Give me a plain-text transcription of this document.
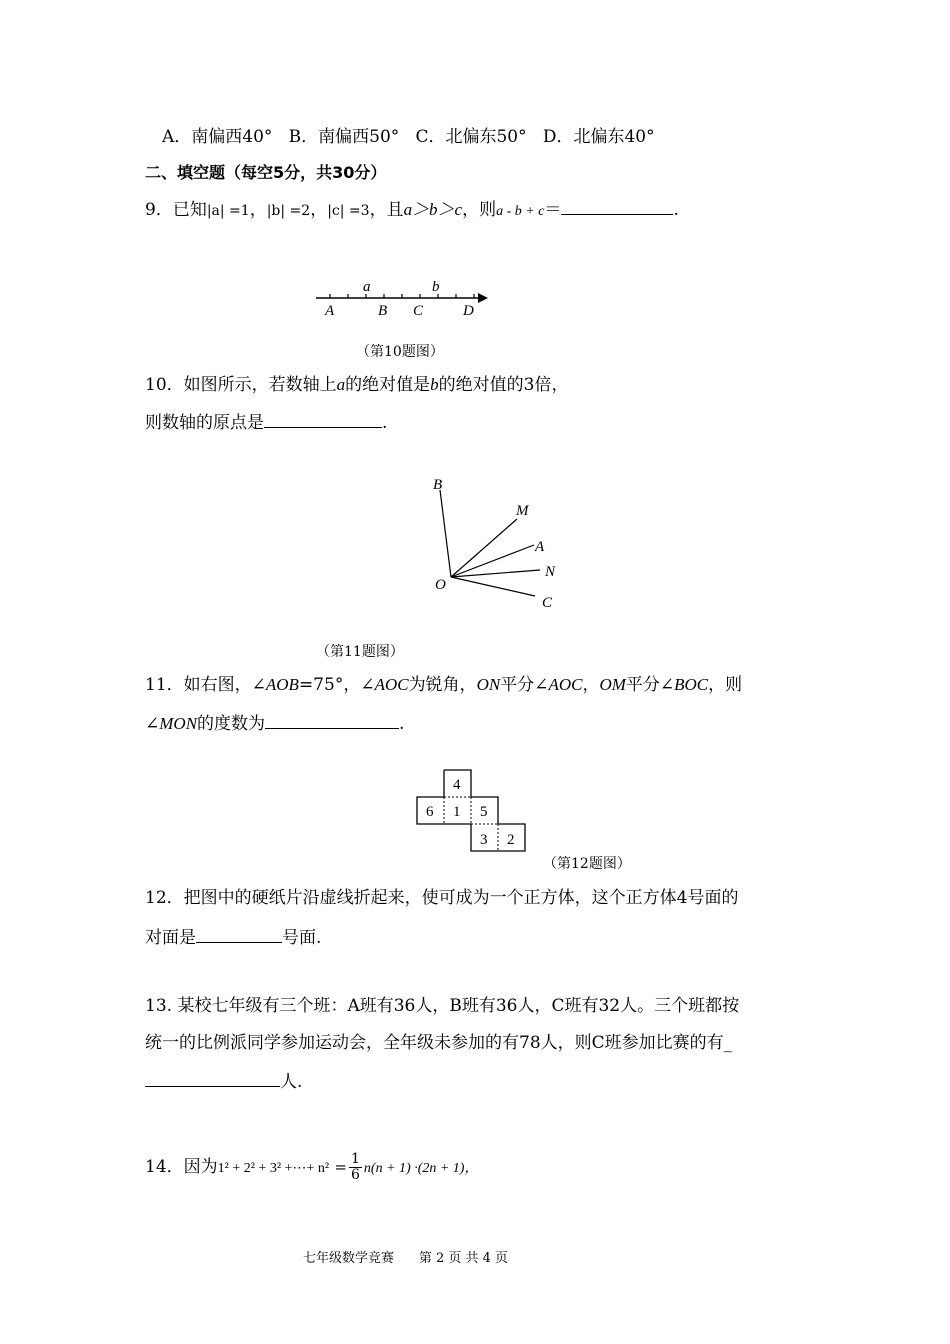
A．南偏西40° B．南偏西50° C．北偏东50° D．北偏东40°
二、填空题（每空5分，共30分）
9．已知|a| =1，|b| =2，|c| =3，且a＞b＞c，则a - b + c＝	.
a	b
A	B C	D
（第10题图）
10．如图所示，若数轴上a的绝对值是b的绝对值的3倍，
则数轴的原点是	.
B
M
A
N
C
O
（第11题图）
11．如右图，∠AOB=75°，∠AOC为锐角，ON平分∠AOC，OM平分∠BOC，则
∠MON的度数为	.
4
6 1 5
3 2
（第12题图）
12．把图中的硬纸片沿虚线折起来，使可成为一个正方体，这个正方体4号面的
对面是	号面.
13. 某校七年级有三个班：A班有36人，B班有36人，C班有32人。三个班都按
统一的比例派同学参加运动会，全年级未参加的有78人，则C班参加比赛的有_
人.
14．因为1² + 2² + 3² +⋯+ $n^2 = \frac{1}{6} n(n + 1) \cdot(2n + 1)$，
七年级数学竞赛 第 2 页 共 4 页
